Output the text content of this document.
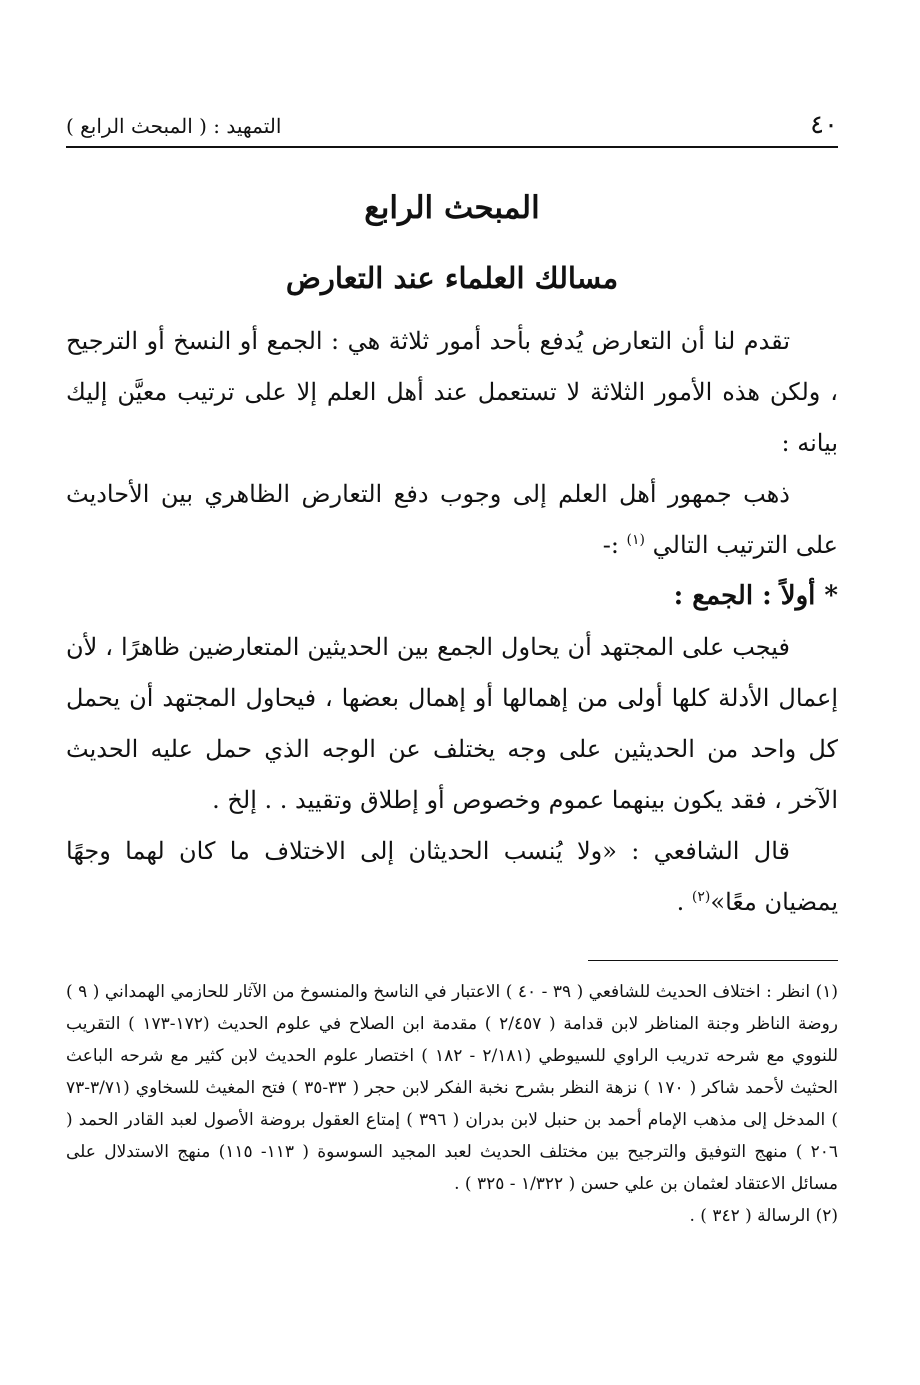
٤٠
التمهيد : ( المبحث الرابع )
المبحث الرابع
مسالك العلماء عند التعارض

تقدم لنا أن التعارض يُدفع بأحد أمور ثلاثة هي : الجمع أو النسخ أو الترجيح ، ولكن هذه الأمور الثلاثة لا تستعمل عند أهل العلم إلا على ترتيب معيَّن إليك بيانه :

ذهب جمهور أهل العلم إلى وجوب دفع التعارض الظاهري بين الأحاديث على الترتيب التالي $^{(١)}$ :-

* أولاً : الجمع :

فيجب على المجتهد أن يحاول الجمع بين الحديثين المتعارضين ظاهرًا ، لأن إعمال الأدلة كلها أولى من إهمالها أو إهمال بعضها ، فيحاول المجتهد أن يحمل كل واحد من الحديثين على وجه يختلف عن الوجه الذي حمل عليه الحديث الآخر ، فقد يكون بينهما عموم وخصوص أو إطلاق وتقييد . . إلخ .

قال الشافعي : «ولا يُنسب الحديثان إلى الاختلاف ما كان لهما وجهًا يمضيان معًا»$^{(٢)}$ .

(١) انظر : اختلاف الحديث للشافعي ( ٣٩ - ٤٠ ) الاعتبار في الناسخ والمنسوخ من الآثار للحازمي الهمداني ( ٩ ) روضة الناظر وجنة المناظر لابن قدامة ( ٢/٤٥٧ ) مقدمة ابن الصلاح في علوم الحديث (١٧٢-١٧٣ ) التقريب للنووي مع شرحه تدريب الراوي للسيوطي (٢/١٨١ - ١٨٢ ) اختصار علوم الحديث لابن كثير مع شرحه الباعث الحثيث لأحمد شاكر ( ١٧٠ ) نزهة النظر بشرح نخبة الفكر لابن حجر ( ٣٣-٣٥ ) فتح المغيث للسخاوي (٣/٧١-٧٣ ) المدخل إلى مذهب الإمام أحمد بن حنبل لابن بدران ( ٣٩٦ ) إمتاع العقول بروضة الأصول لعبد القادر الحمد ( ٢٠٦ ) منهج التوفيق والترجيح بين مختلف الحديث لعبد المجيد السوسوة ( ١١٣- ١١٥) منهج الاستدلال على مسائل الاعتقاد لعثمان بن علي حسن ( ١/٣٢٢ - ٣٢٥ ) .

(٢) الرسالة ( ٣٤٢ ) .
